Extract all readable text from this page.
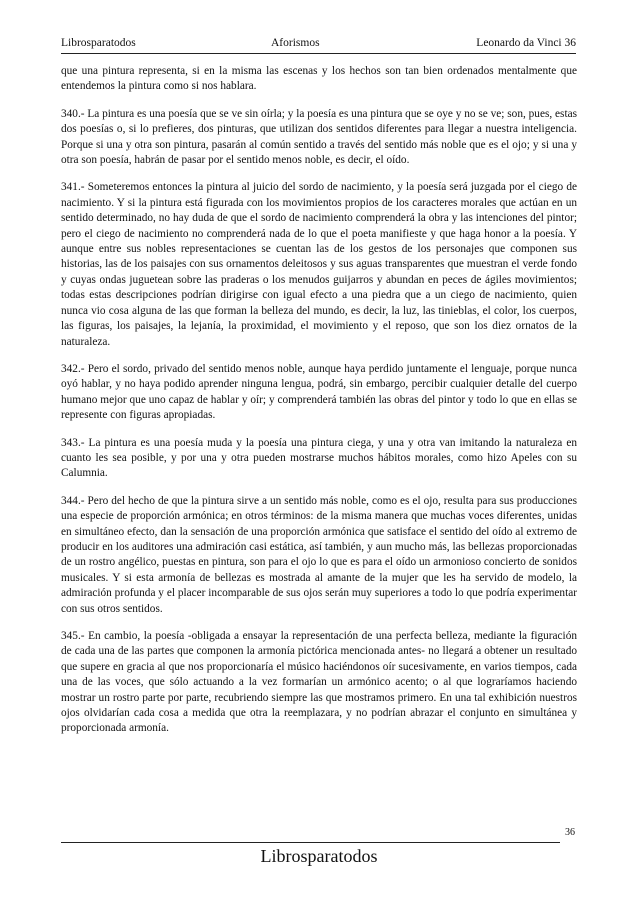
Librosparatodos	Aforismos	Leonardo da Vinci 36

que una pintura representa, si en la misma las escenas y los hechos son tan bien ordenados mentalmente que entendemos la pintura como si nos hablara.

340.- La pintura es una poesía que se ve sin oírla; y la poesía es una pintura que se oye y no se ve; son, pues, estas dos poesías o, si lo prefieres, dos pinturas, que utilizan dos sentidos diferentes para llegar a nuestra inteligencia. Porque si una y otra son pintura, pasarán al común sentido a través del sentido más noble que es el ojo; y si una y otra son poesía, habrán de pasar por el sentido menos noble, es decir, el oído.

341.- Someteremos entonces la pintura al juicio del sordo de nacimiento, y la poesía será juzgada por el ciego de nacimiento. Y si la pintura está figurada con los movimientos propios de los caracteres morales que actúan en un sentido determinado, no hay duda de que el sordo de nacimiento comprenderá la obra y las intenciones del pintor; pero el ciego de nacimiento no comprenderá nada de lo que el poeta manifieste y que haga honor a la poesía. Y aunque entre sus nobles representaciones se cuentan las de los gestos de los personajes que componen sus historias, las de los paisajes con sus ornamentos deleitosos y sus aguas transparentes que muestran el verde fondo y cuyas ondas juguetean sobre las praderas o los menudos guijarros y abundan en peces de ágiles movimientos; todas estas descripciones podrían dirigirse con igual efecto a una piedra que a un ciego de nacimiento, quien nunca vio cosa alguna de las que forman la belleza del mundo, es decir, la luz, las tinieblas, el color, los cuerpos, las figuras, los paisajes, la lejanía, la proximidad, el movimiento y el reposo, que son los diez ornatos de la naturaleza.

342.- Pero el sordo, privado del sentido menos noble, aunque haya perdido juntamente el lenguaje, porque nunca oyó hablar, y no haya podido aprender ninguna lengua, podrá, sin embargo, percibir cualquier detalle del cuerpo humano mejor que uno capaz de hablar y oír; y comprenderá también las obras del pintor y todo lo que en ellas se represente con figuras apropiadas.

343.- La pintura es una poesía muda y la poesía una pintura ciega, y una y otra van imitando la naturaleza en cuanto les sea posible, y por una y otra pueden mostrarse muchos hábitos morales, como hizo Apeles con su Calumnia.

344.- Pero del hecho de que la pintura sirve a un sentido más noble, como es el ojo, resulta para sus producciones una especie de proporción armónica; en otros términos: de la misma manera que muchas voces diferentes, unidas en simultáneo efecto, dan la sensación de una proporción armónica que satisface el sentido del oído al extremo de producir en los auditores una admiración casi estática, así también, y aun mucho más, las bellezas proporcionadas de un rostro angélico, puestas en pintura, son para el ojo lo que es para el oído un armonioso concierto de sonidos musicales. Y si esta armonía de bellezas es mostrada al amante de la mujer que les ha servido de modelo, la admiración profunda y el placer incomparable de sus ojos serán muy superiores a todo lo que podría experimentar con sus otros sentidos.

345.- En cambio, la poesía -obligada a ensayar la representación de una perfecta belleza, mediante la figuración de cada una de las partes que componen la armonía pictórica mencionada antes- no llegará a obtener un resultado que supere en gracia al que nos proporcionaría el músico haciéndonos oír sucesivamente, en varios tiempos, cada una de las voces, que sólo actuando a la vez formarían un armónico acento; o al que lograríamos haciendo mostrar un rostro parte por parte, recubriendo siempre las que mostramos primero. En una tal exhibición nuestros ojos olvidarían cada cosa a medida que otra la reemplazara, y no podrían abrazar el conjunto en simultánea y proporcionada armonía.

36
Librosparatodos
